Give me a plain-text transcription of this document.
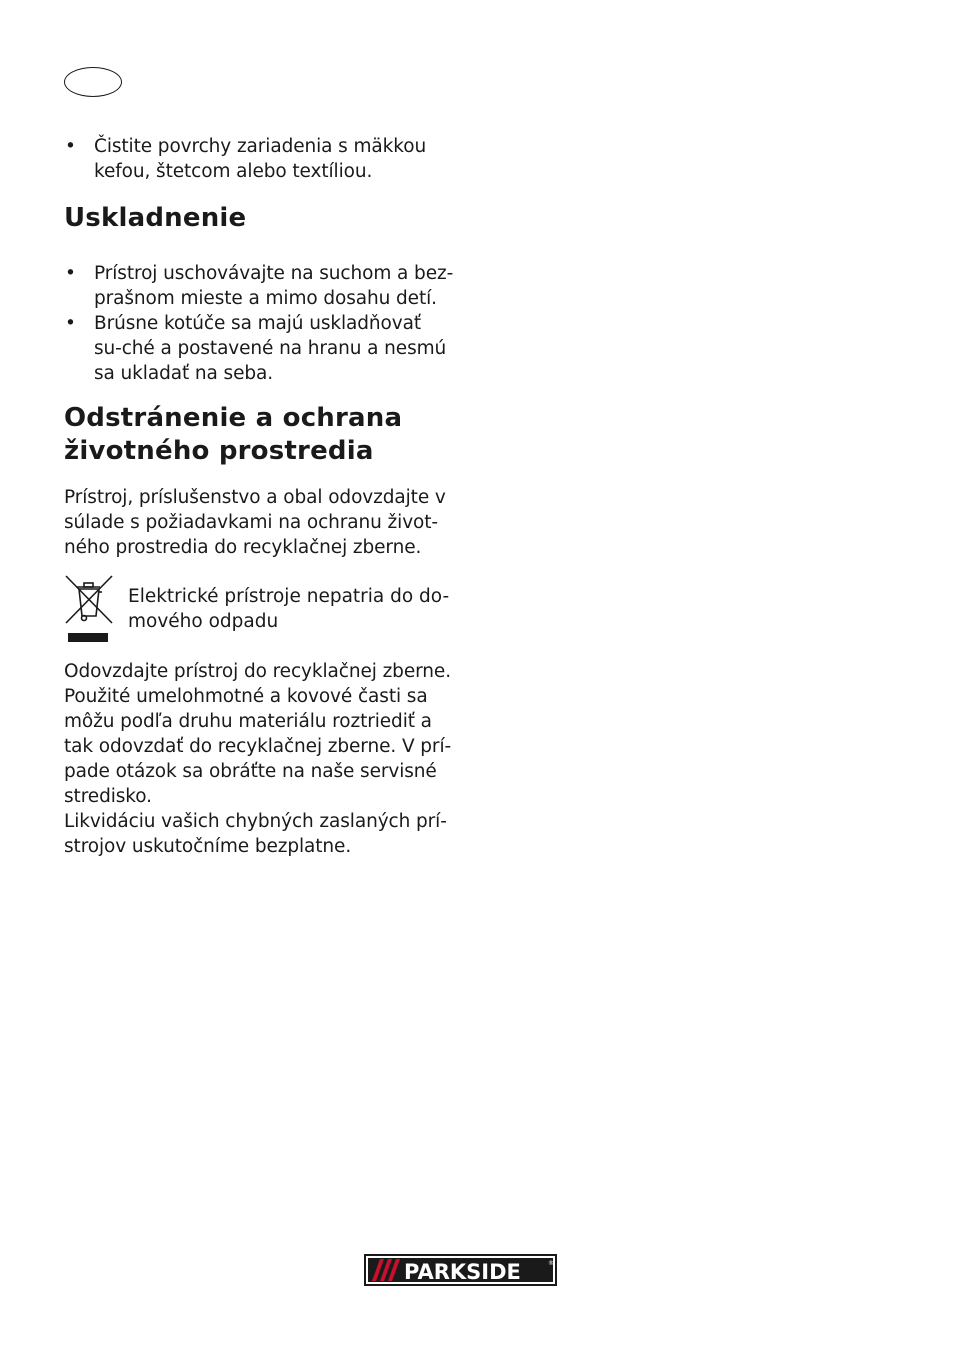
• Čistite povrchy zariadenia s mäkkou kefou, štetcom alebo textíliou.
Uskladnenie
• Prístroj uschovávajte na suchom a bez-prašnom mieste a mimo dosahu detí.
• Brúsne kotúče sa majú uskladňovať su-ché a postavené na hranu a nesmú sa ukladať na seba.
Odstránenie a ochrana
životného prostredia

Prístroj, príslušenstvo a obal odovzdajte v súlade s požiadavkami na ochranu život-ného prostredia do recyklačnej zberne.

Elektrické prístroje nepatria do do-mového odpadu

Odovzdajte prístroj do recyklačnej zberne. Použité umelohmotné a kovové časti sa môžu podľa druhu materiálu roztriediť a tak odovzdať do recyklačnej zberne. V prí-pade otázok sa obráťte na naše servisné stredisko.

Likvidáciu vašich chybných zaslaných prí-strojov uskutočníme bezplatne.

PARKSIDE	®
